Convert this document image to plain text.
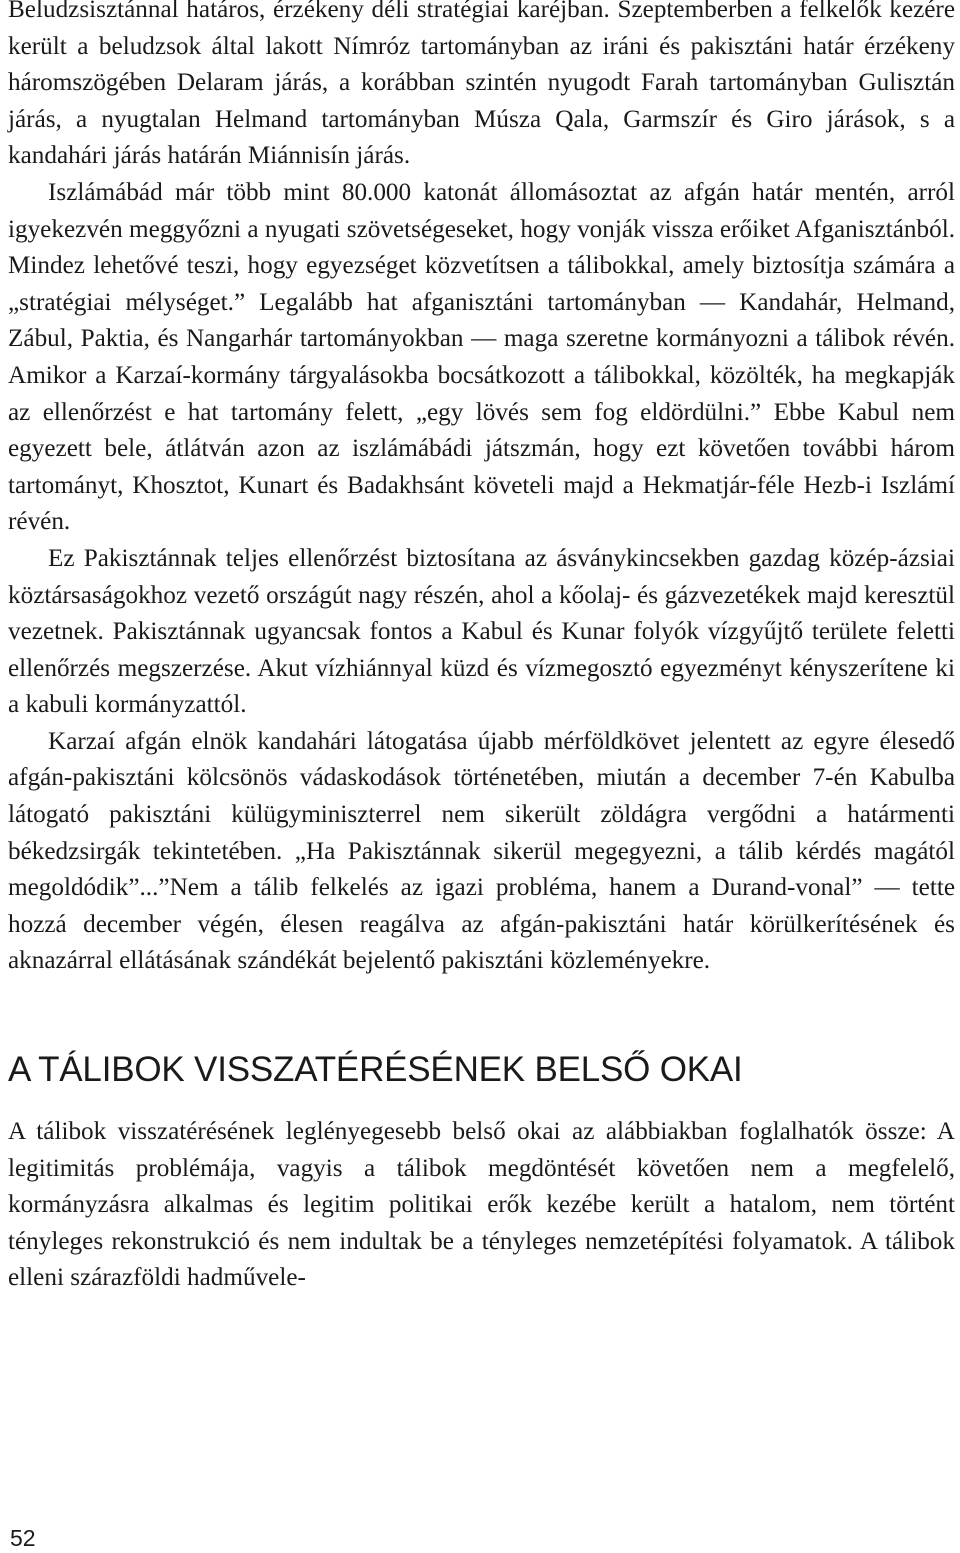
Beludzsisztánnal határos, érzékeny déli stratégiai karéjban. Szeptemberben a felkelők kezére került a beludzsok által lakott Nímróz tartományban az iráni és pakisztáni határ érzékeny háromszögében Delaram járás, a korábban szintén nyugodt Farah tartományban Gulisztán járás, a nyugtalan Helmand tartományban Músza Qala, Garmszír és Giro járások, s a kandahári járás határán Miánnisín járás.

Iszlámábád már több mint 80.000 katonát állomásoztat az afgán határ mentén, arról igyekezvén meggyőzni a nyugati szövetségeseket, hogy vonják vissza erőiket Afganisztánból. Mindez lehetővé teszi, hogy egyezséget közvetítsen a tálibokkal, amely biztosítja számára a „stratégiai mélységet.” Legalább hat afganisztáni tartományban — Kandahár, Helmand, Zábul, Paktia, és Nangarhár tartományokban — maga szeretne kormányozni a tálibok révén. Amikor a Karzaí-kormány tárgyalásokba bocsátkozott a tálibokkal, közölték, ha megkapják az ellenőrzést e hat tartomány felett, „egy lövés sem fog eldördülni.” Ebbe Kabul nem egyezett bele, átlátván azon az iszlámábádi játszmán, hogy ezt követően további három tartományt, Khosztot, Kunart és Badakhsánt követeli majd a Hekmatjár-féle Hezb-i Iszlámí révén.

Ez Pakisztánnak teljes ellenőrzést biztosítana az ásványkincsekben gazdag közép-ázsiai köztársaságokhoz vezető országút nagy részén, ahol a kőolaj- és gázvezetékek majd keresztül vezetnek. Pakisztánnak ugyancsak fontos a Kabul és Kunar folyók vízgyűjtő területe feletti ellenőrzés megszerzése. Akut vízhiánnyal küzd és vízmegosztó egyezményt kényszerítene ki a kabuli kormányzattól.

Karzaí afgán elnök kandahári látogatása újabb mérföldkövet jelentett az egyre élesedő afgán-pakisztáni kölcsönös vádaskodások történetében, miután a december 7-én Kabulba látogató pakisztáni külügyminiszterrel nem sikerült zöldágra vergődni a határmenti békedzsirgák tekintetében. „Ha Pakisztánnak sikerül megegyezni, a tálib kérdés magától megoldódik”...”Nem a tálib felkelés az igazi probléma, hanem a Durand-vonal” — tette hozzá december végén, élesen reagálva az afgán-pakisztáni határ körülkerítésének és aknazárral ellátásának szándékát bejelentő pakisztáni közleményekre.

A TÁLIBOK VISSZATÉRÉSÉNEK BELSŐ OKAI

A tálibok visszatérésének leglényegesebb belső okai az alábbiakban foglalhatók össze: A legitimitás problémája, vagyis a tálibok megdöntését követően nem a megfelelő, kormányzásra alkalmas és legitim politikai erők kezébe került a hatalom, nem történt tényleges rekonstrukció és nem indultak be a tényleges nemzetépítési folyamatok. A tálibok elleni szárazföldi hadművele-

52
